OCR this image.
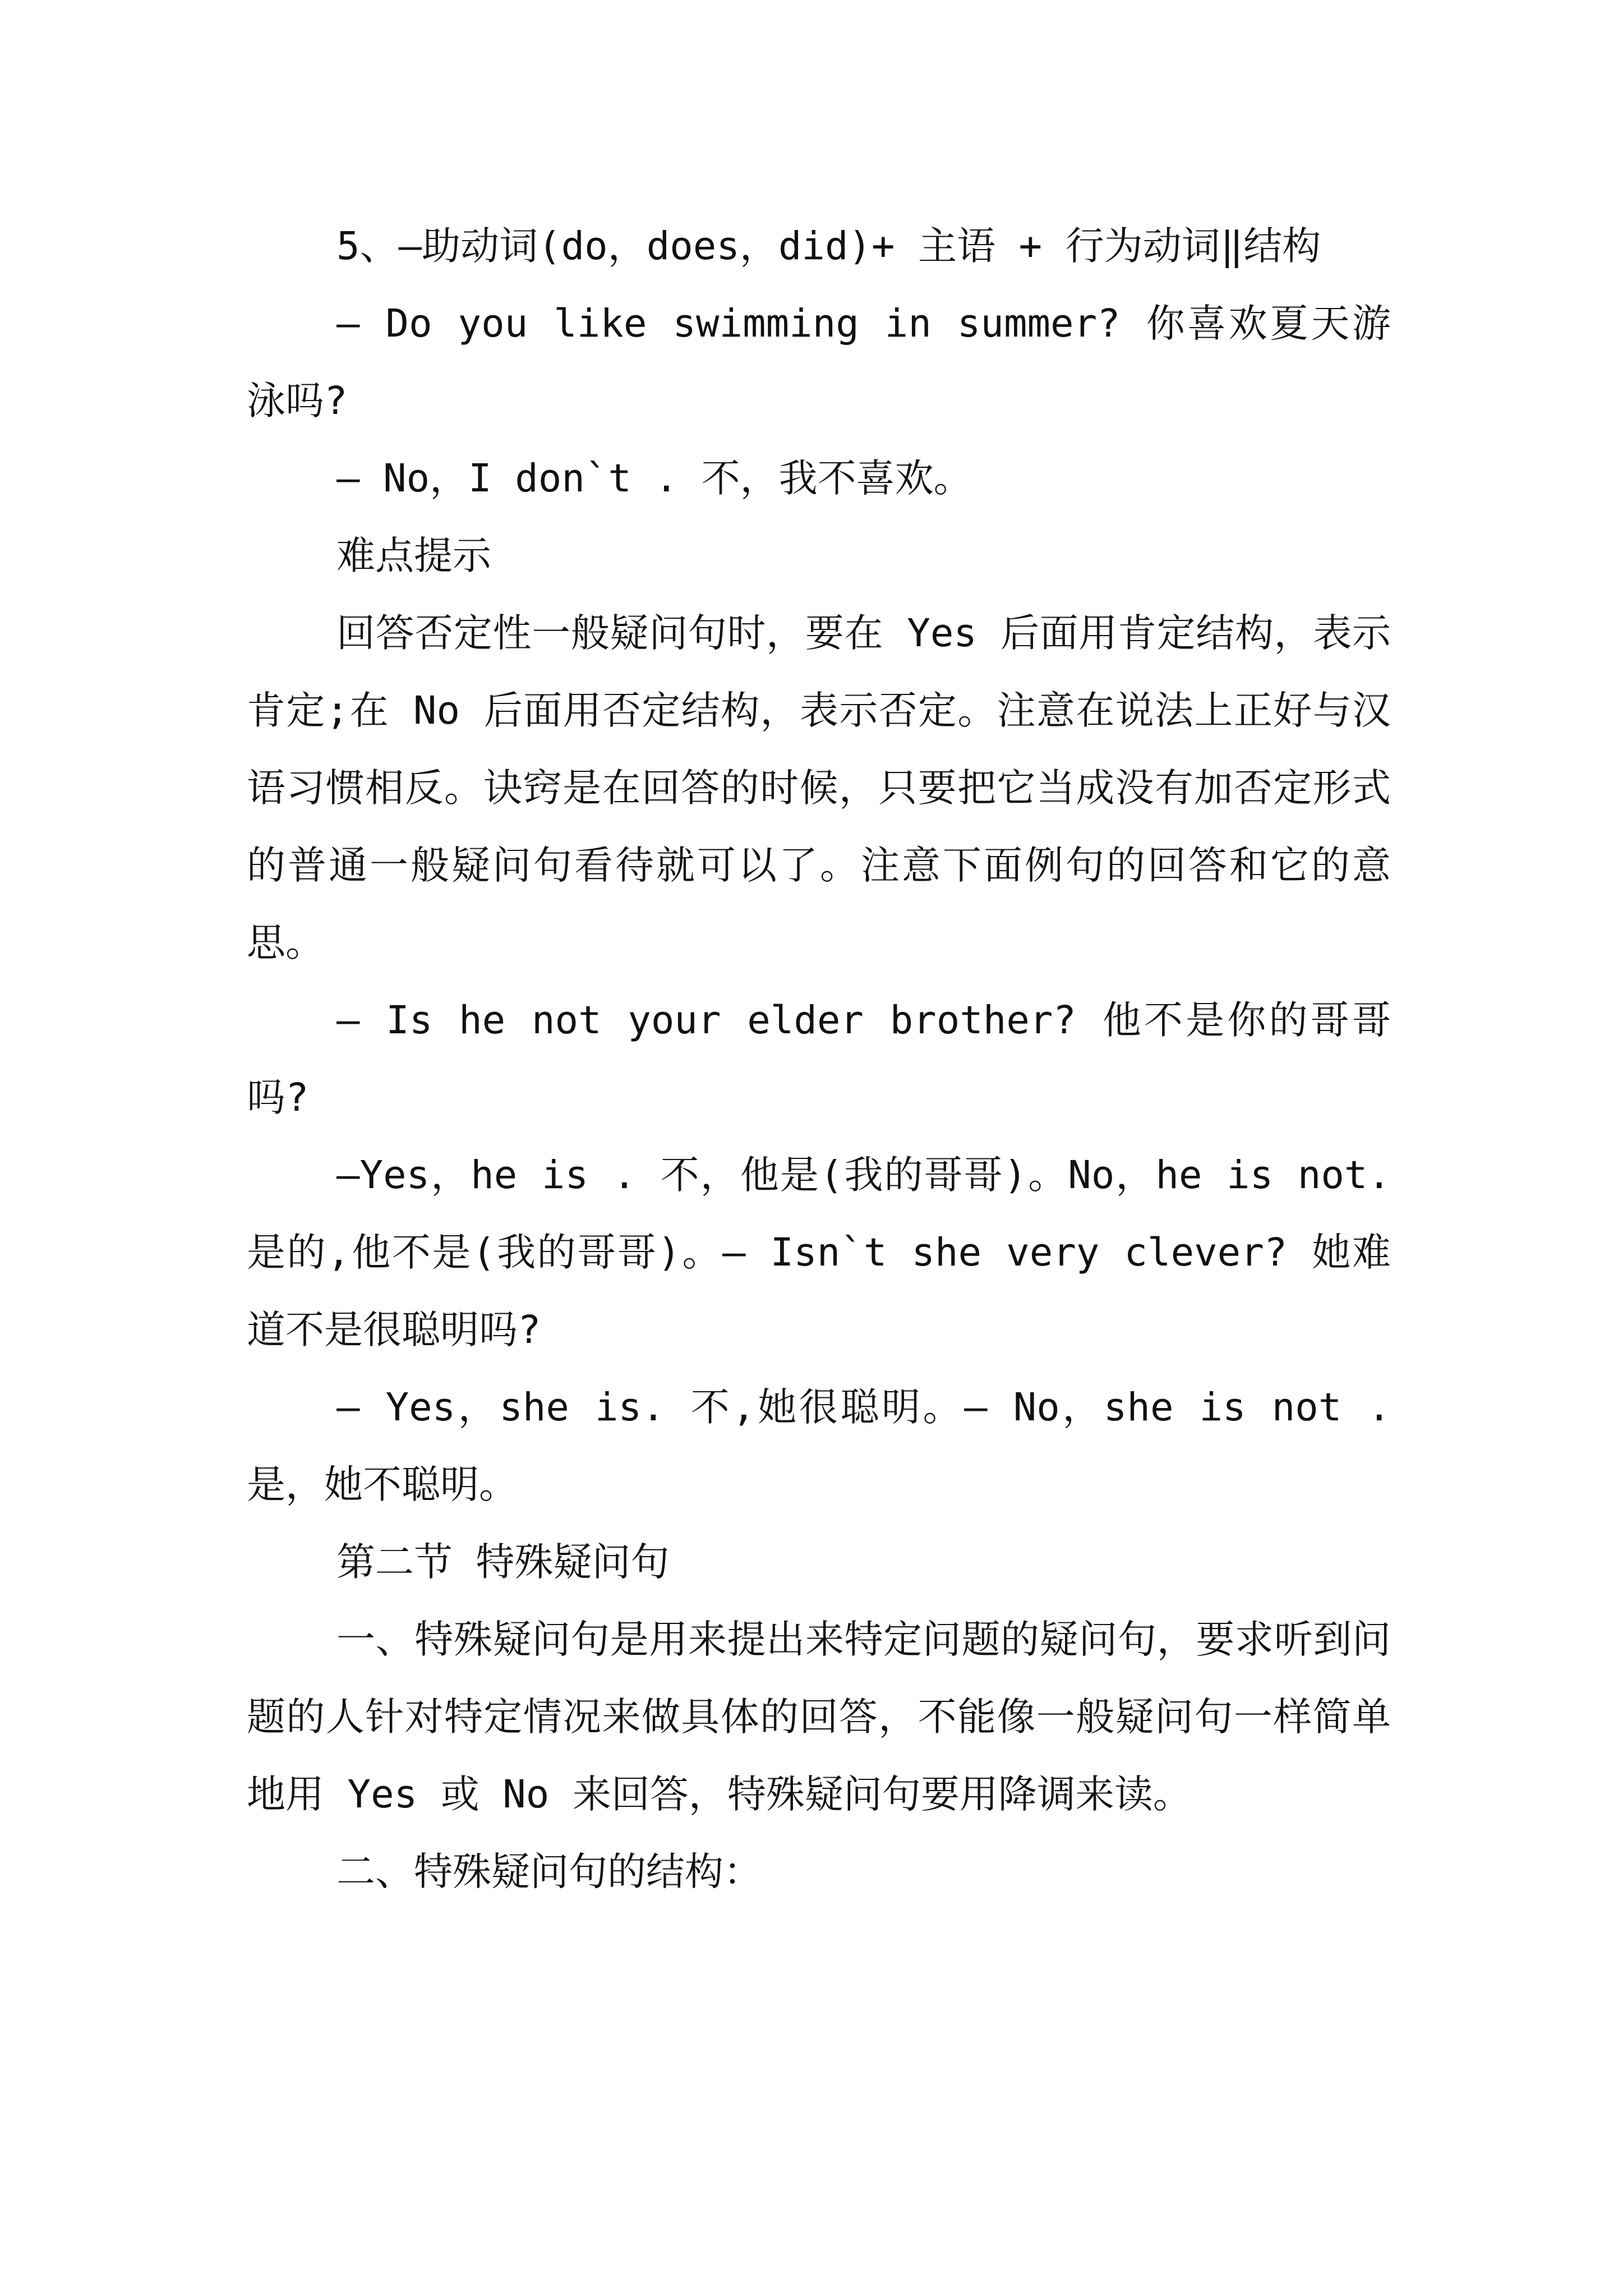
5、—助动词(do，does，did)+ 主语 + 行为动词‖结构

— Do you like swimming in summer? 你喜欢夏天游泳吗?

— No，I don`t . 不，我不喜欢。

难点提示

回答否定性一般疑问句时，要在 Yes 后面用肯定结构，表示肯定;在 No 后面用否定结构，表示否定。注意在说法上正好与汉语习惯相反。诀窍是在回答的时候，只要把它当成没有加否定形式的普通一般疑问句看待就可以了。注意下面例句的回答和它的意思。

— Is he not your elder brother? 他不是你的哥哥吗?

—Yes，he is . 不，他是(我的哥哥)。No，he is not. 是的,他不是(我的哥哥)。— Isn`t she very clever? 她难道不是很聪明吗?

— Yes，she is. 不,她很聪明。— No，she is not . 是，她不聪明。

第二节 特殊疑问句

一、特殊疑问句是用来提出来特定问题的疑问句，要求听到问题的人针对特定情况来做具体的回答，不能像一般疑问句一样简单地用 Yes 或 No 来回答，特殊疑问句要用降调来读。

二、特殊疑问句的结构：
